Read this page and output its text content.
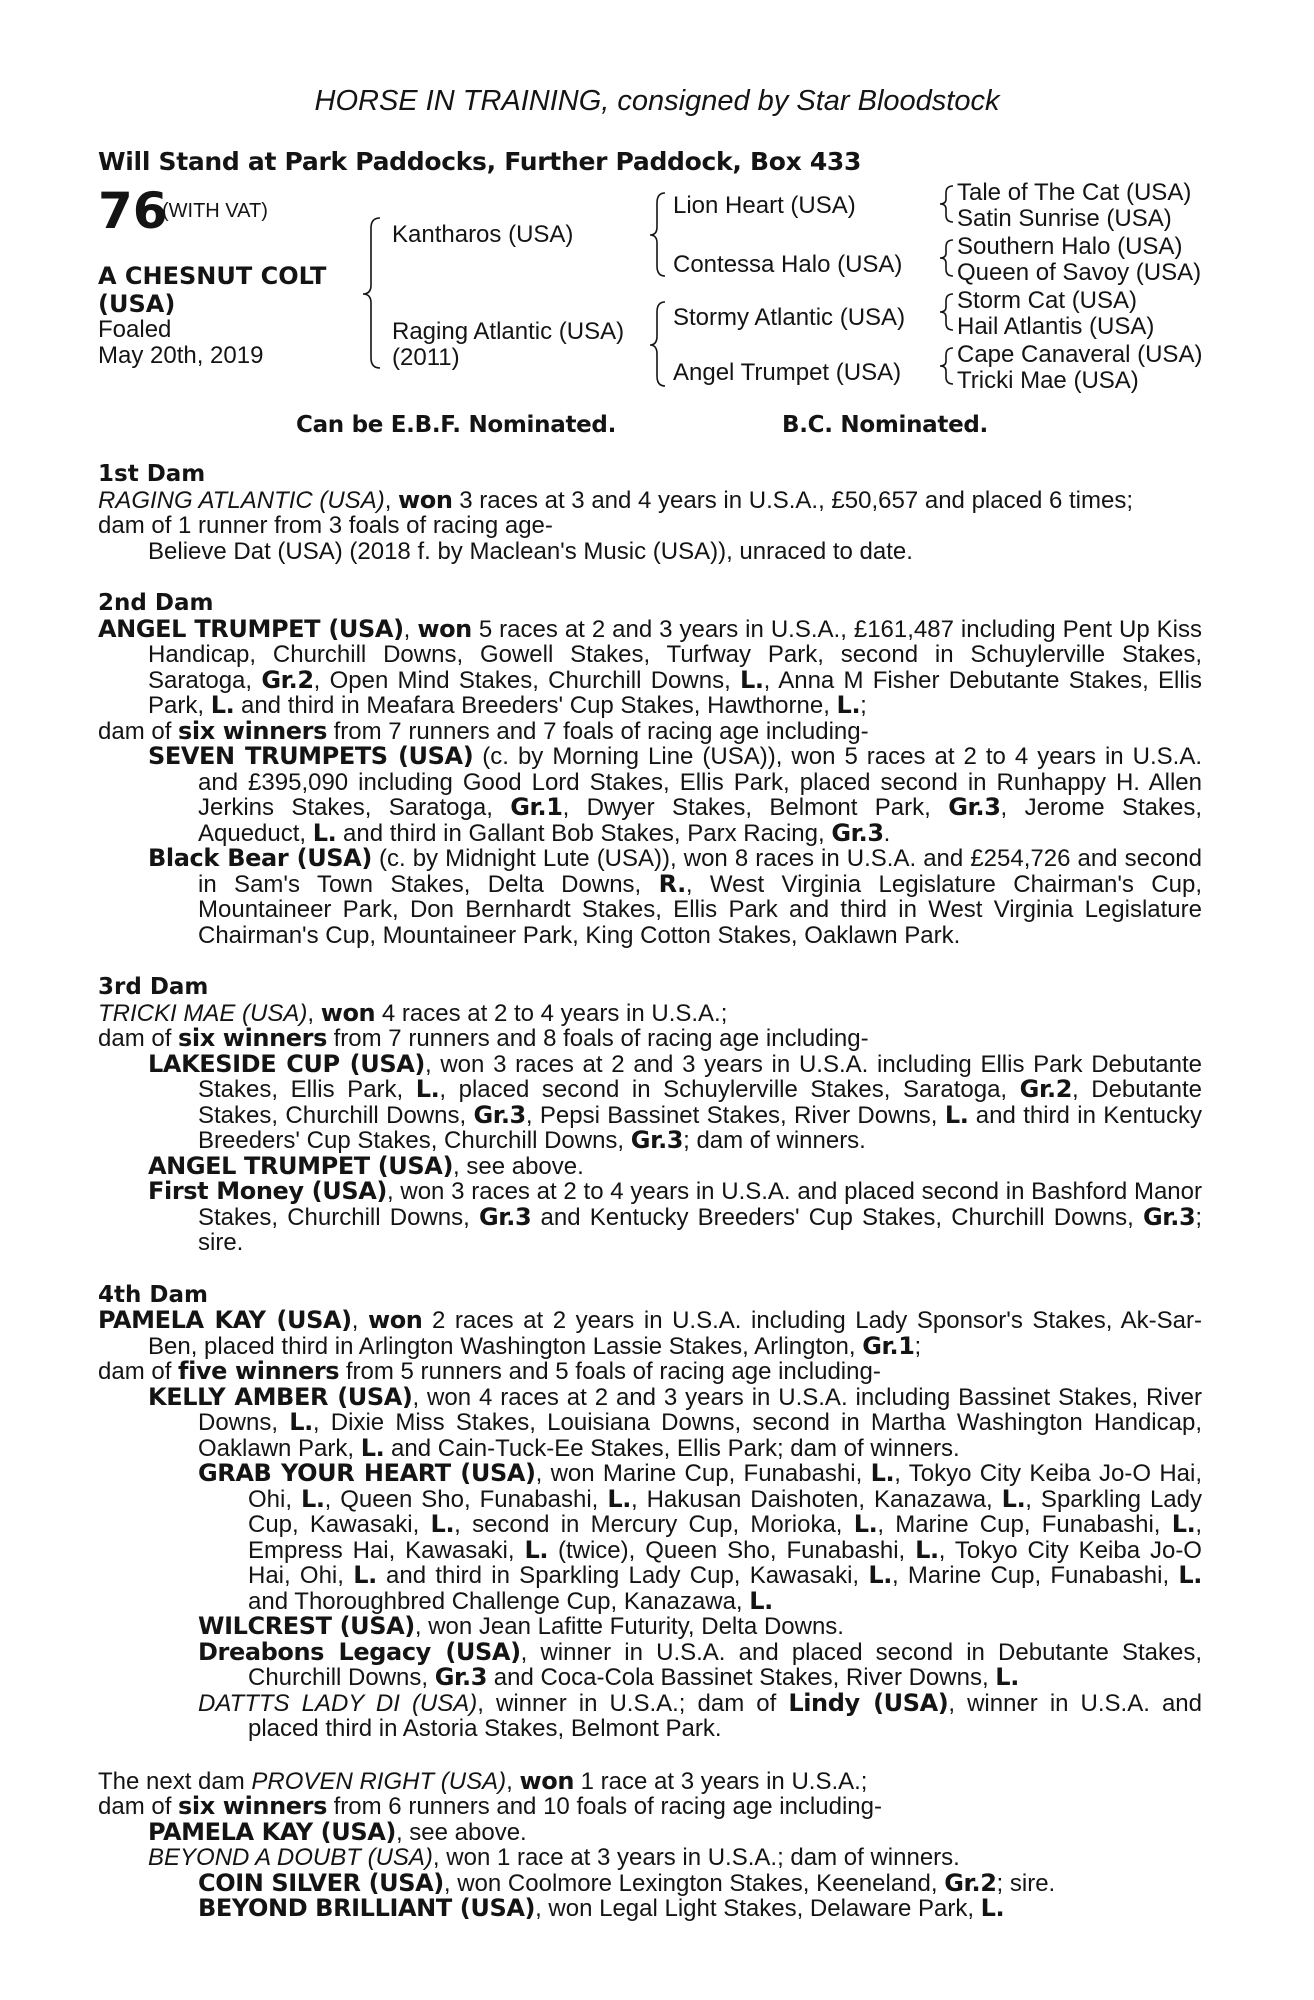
HORSE IN TRAINING, consigned by Star Bloodstock
Will Stand at Park Paddocks, Further Paddock, Box 433
76
(WITH VAT)
A CHESNUT COLT
(USA)
Foaled
May 20th, 2019
Kantharos (USA)
Raging Atlantic (USA)
(2011)
Lion Heart (USA)
Contessa Halo (USA)
Stormy Atlantic (USA)
Angel Trumpet (USA)
Tale of The Cat (USA)
Satin Sunrise (USA)
Southern Halo (USA)
Queen of Savoy (USA)
Storm Cat (USA)
Hail Atlantis (USA)
Cape Canaveral (USA)
Tricki Mae (USA)
Can be E.B.F. Nominated.	B.C. Nominated.
1st Dam
RAGING ATLANTIC (USA), won 3 races at 3 and 4 years in U.S.A., £50,657 and placed 6 times;
dam of 1 runner from 3 foals of racing age-
Believe Dat (USA) (2018 f. by Maclean's Music (USA)), unraced to date.
2nd Dam
ANGEL TRUMPET (USA), won 5 races at 2 and 3 years in U.S.A., £161,487 including Pent Up Kiss Handicap, Churchill Downs, Gowell Stakes, Turfway Park, second in Schuylerville Stakes, Saratoga, Gr.2, Open Mind Stakes, Churchill Downs, L., Anna M Fisher Debutante Stakes, Ellis Park, L. and third in Meafara Breeders' Cup Stakes, Hawthorne, L.;
dam of six winners from 7 runners and 7 foals of racing age including-
SEVEN TRUMPETS (USA) (c. by Morning Line (USA)), won 5 races at 2 to 4 years in U.S.A. and £395,090 including Good Lord Stakes, Ellis Park, placed second in Runhappy H. Allen Jerkins Stakes, Saratoga, Gr.1, Dwyer Stakes, Belmont Park, Gr.3, Jerome Stakes, Aqueduct, L. and third in Gallant Bob Stakes, Parx Racing, Gr.3.
Black Bear (USA) (c. by Midnight Lute (USA)), won 8 races in U.S.A. and £254,726 and second in Sam's Town Stakes, Delta Downs, R., West Virginia Legislature Chairman's Cup, Mountaineer Park, Don Bernhardt Stakes, Ellis Park and third in West Virginia Legislature Chairman's Cup, Mountaineer Park, King Cotton Stakes, Oaklawn Park.
3rd Dam
TRICKI MAE (USA), won 4 races at 2 to 4 years in U.S.A.;
dam of six winners from 7 runners and 8 foals of racing age including-
LAKESIDE CUP (USA), won 3 races at 2 and 3 years in U.S.A. including Ellis Park Debutante Stakes, Ellis Park, L., placed second in Schuylerville Stakes, Saratoga, Gr.2, Debutante Stakes, Churchill Downs, Gr.3, Pepsi Bassinet Stakes, River Downs, L. and third in Kentucky Breeders' Cup Stakes, Churchill Downs, Gr.3; dam of winners.
ANGEL TRUMPET (USA), see above.
First Money (USA), won 3 races at 2 to 4 years in U.S.A. and placed second in Bashford Manor Stakes, Churchill Downs, Gr.3 and Kentucky Breeders' Cup Stakes, Churchill Downs, Gr.3; sire.
4th Dam
PAMELA KAY (USA), won 2 races at 2 years in U.S.A. including Lady Sponsor's Stakes, Ak-Sar-Ben, placed third in Arlington Washington Lassie Stakes, Arlington, Gr.1;
dam of five winners from 5 runners and 5 foals of racing age including-
KELLY AMBER (USA), won 4 races at 2 and 3 years in U.S.A. including Bassinet Stakes, River Downs, L., Dixie Miss Stakes, Louisiana Downs, second in Martha Washington Handicap, Oaklawn Park, L. and Cain-Tuck-Ee Stakes, Ellis Park; dam of winners.
GRAB YOUR HEART (USA), won Marine Cup, Funabashi, L., Tokyo City Keiba Jo-O Hai, Ohi, L., Queen Sho, Funabashi, L., Hakusan Daishoten, Kanazawa, L., Sparkling Lady Cup, Kawasaki, L., second in Mercury Cup, Morioka, L., Marine Cup, Funabashi, L., Empress Hai, Kawasaki, L. (twice), Queen Sho, Funabashi, L., Tokyo City Keiba Jo-O Hai, Ohi, L. and third in Sparkling Lady Cup, Kawasaki, L., Marine Cup, Funabashi, L. and Thoroughbred Challenge Cup, Kanazawa, L.
WILCREST (USA), won Jean Lafitte Futurity, Delta Downs.
Dreabons Legacy (USA), winner in U.S.A. and placed second in Debutante Stakes, Churchill Downs, Gr.3 and Coca-Cola Bassinet Stakes, River Downs, L.
DATTTS LADY DI (USA), winner in U.S.A.; dam of Lindy (USA), winner in U.S.A. and placed third in Astoria Stakes, Belmont Park.
The next dam PROVEN RIGHT (USA), won 1 race at 3 years in U.S.A.;
dam of six winners from 6 runners and 10 foals of racing age including-
PAMELA KAY (USA), see above.
BEYOND A DOUBT (USA), won 1 race at 3 years in U.S.A.; dam of winners.
COIN SILVER (USA), won Coolmore Lexington Stakes, Keeneland, Gr.2; sire.
BEYOND BRILLIANT (USA), won Legal Light Stakes, Delaware Park, L.
